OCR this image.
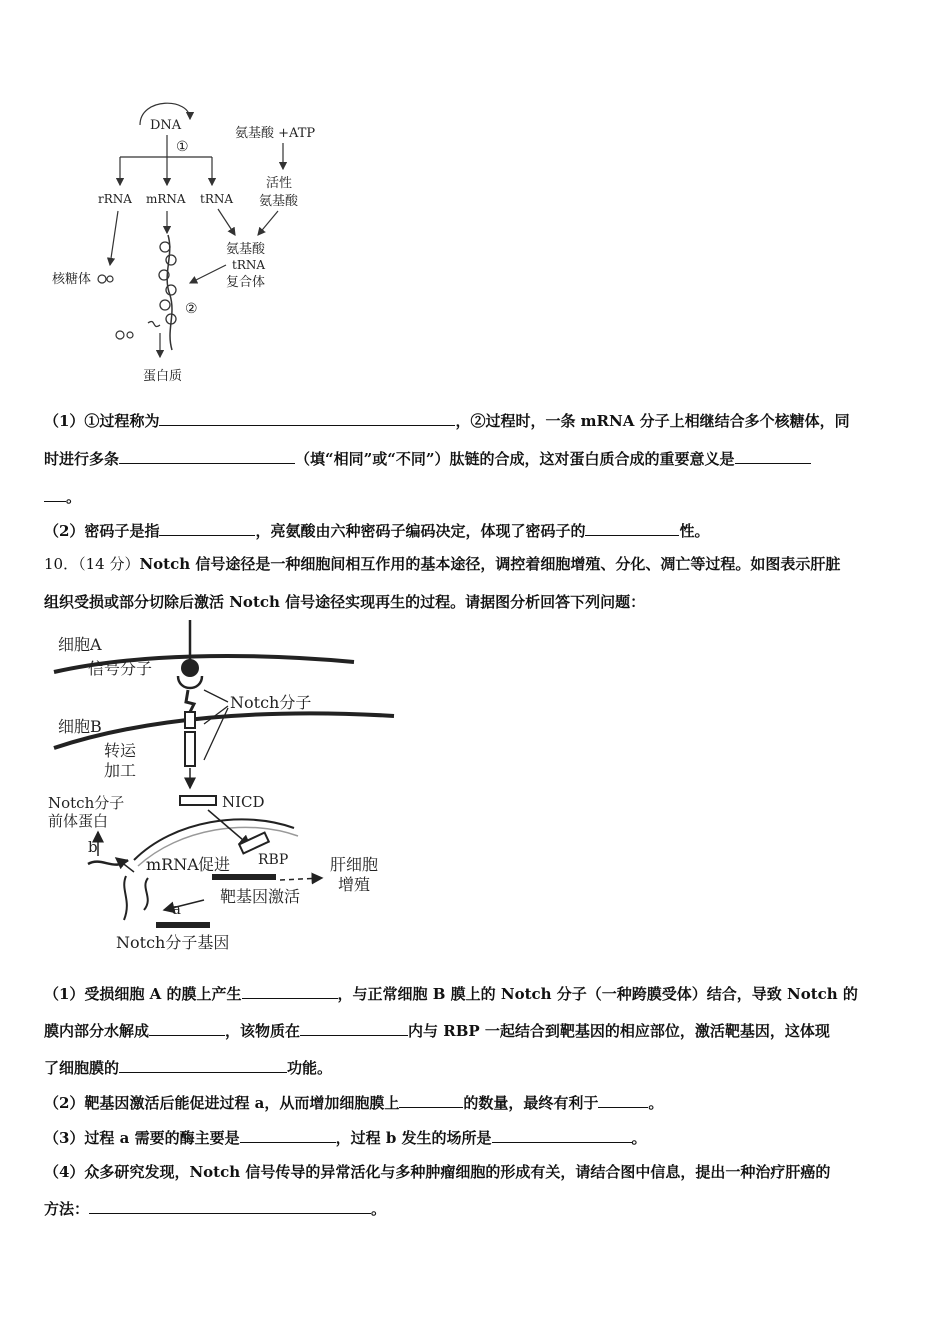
DNA
①
rRNA mRNA tRNA
氨基酸 +ATP
活性
氨基酸
氨基酸
tRNA
复合体
核糖体
②
蛋白质
（1）①过程称为	，②过程时，一条 mRNA 分子上相继结合多个核糖体，同
时进行多条	（填“相同”或“不同”）肽链的合成，这对蛋白质合成的重要意义是
。
（2）密码子是指	，亮氨酸由六种密码子编码决定，体现了密码子的	性。
10．（14 分）Notch 信号途径是一种细胞间相互作用的基本途径，调控着细胞增殖、分化、凋亡等过程。如图表示肝脏
组织受损或部分切除后激活 Notch 信号途径实现再生的过程。请据图分析回答下列问题：
细胞A
信号分子
Notch分子
细胞B
转运
加工
NICD
Notch分子
前体蛋白
RBP
促进
靶基因激活
肝细胞
增殖
mRNA
b
a
Notch分子基因
（1）受损细胞 A 的膜上产生	，与正常细胞 B 膜上的 Notch 分子（一种跨膜受体）结合，导致 Notch 的
膜内部分水解成	，该物质在	内与 RBP 一起结合到靶基因的相应部位，激活靶基因，这体现
了细胞膜的	功能。
（2）靶基因激活后能促进过程 a，从而增加细胞膜上	的数量，最终有利于	。
（3）过程 a 需要的酶主要是	，过程 b 发生的场所是	。
（4）众多研究发现，Notch 信号传导的异常活化与多种肿瘤细胞的形成有关，请结合图中信息，提出一种治疗肝癌的
方法：	。
